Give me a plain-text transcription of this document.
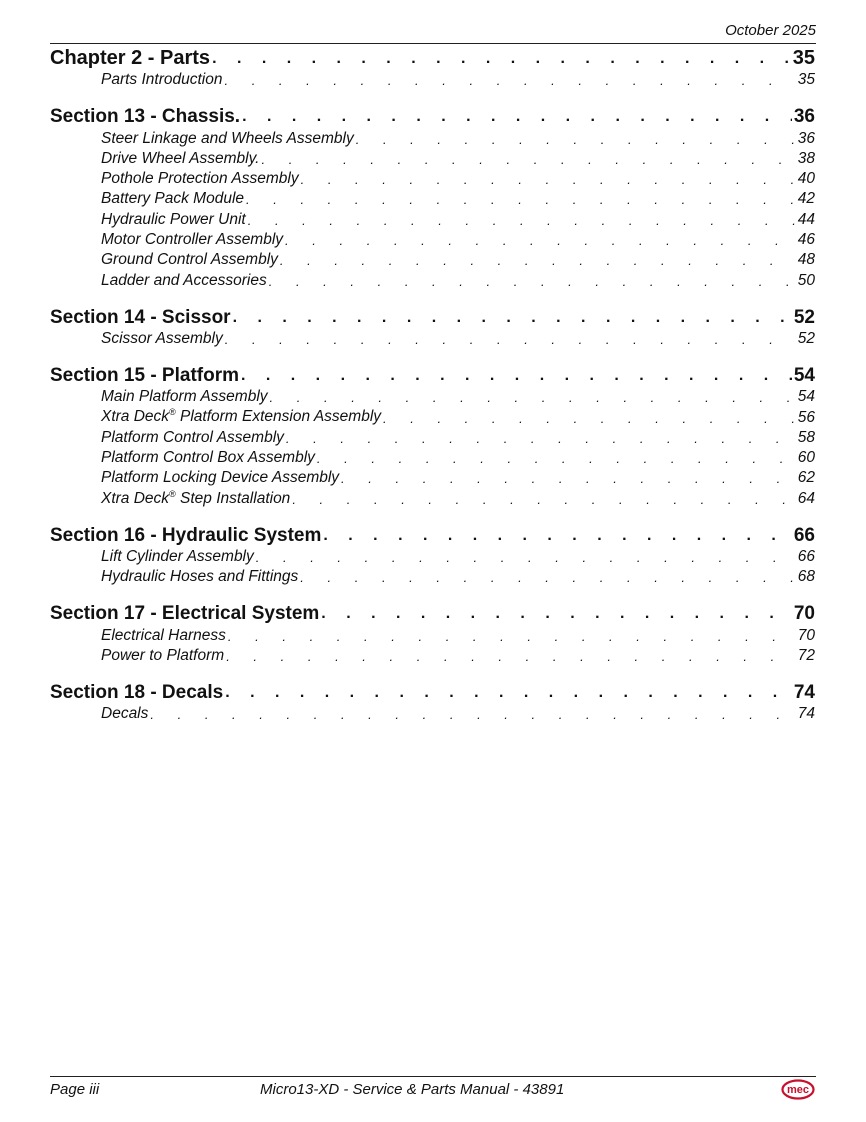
October 2025
Chapter 2 - Parts . . .	35
Parts Introduction . . .	35
Section 13 - Chassis. . . .	36
Steer Linkage and Wheels Assembly . . .	36
Drive Wheel Assembly. . . .	38
Pothole Protection Assembly . . .	40
Battery Pack Module . . .	42
Hydraulic Power Unit . . .	44
Motor Controller Assembly . . .	46
Ground Control Assembly . . .	48
Ladder and Accessories . . .	50
Section 14 - Scissor . . .	52
Scissor Assembly . . .	52
Section 15 - Platform . . .	54
Main Platform Assembly . . .	54
Xtra Deck® Platform Extension Assembly . . .	56
Platform Control Assembly . . .	58
Platform Control Box Assembly . . .	60
Platform Locking Device Assembly . . .	62
Xtra Deck® Step Installation . . .	64
Section 16 - Hydraulic System . . .	66
Lift Cylinder Assembly . . .	66
Hydraulic Hoses and Fittings . . .	68
Section 17 - Electrical System . . .	70
Electrical Harness . . .	70
Power to Platform . . .	72
Section 18 - Decals . . .	74
Decals . . .	74
Page iii	Micro13-XD - Service & Parts Manual - 43891	mec
